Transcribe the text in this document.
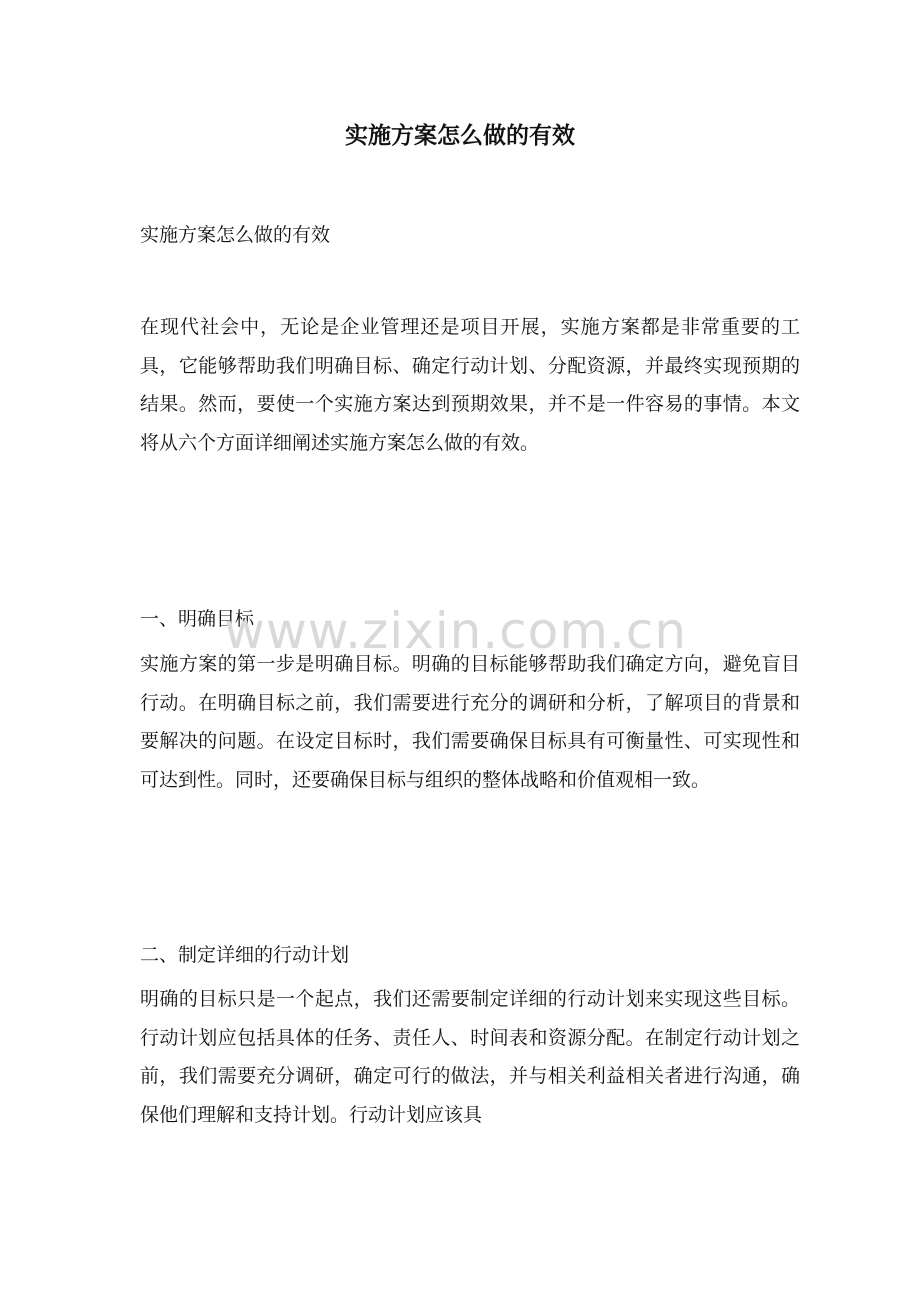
实施方案怎么做的有效

实施方案怎么做的有效

在现代社会中，无论是企业管理还是项目开展，实施方案都是非常重要的工具，它能够帮助我们明确目标、确定行动计划、分配资源，并最终实现预期的结果。然而，要使一个实施方案达到预期效果，并不是一件容易的事情。本文将从六个方面详细阐述实施方案怎么做的有效。

一、明确目标

实施方案的第一步是明确目标。明确的目标能够帮助我们确定方向，避免盲目行动。在明确目标之前，我们需要进行充分的调研和分析，了解项目的背景和要解决的问题。在设定目标时，我们需要确保目标具有可衡量性、可实现性和可达到性。同时，还要确保目标与组织的整体战略和价值观相一致。

二、制定详细的行动计划

明确的目标只是一个起点，我们还需要制定详细的行动计划来实现这些目标。行动计划应包括具体的任务、责任人、时间表和资源分配。在制定行动计划之前，我们需要充分调研，确定可行的做法，并与相关利益相关者进行沟通，确保他们理解和支持计划。行动计划应该具

www.zixin.com.cn
